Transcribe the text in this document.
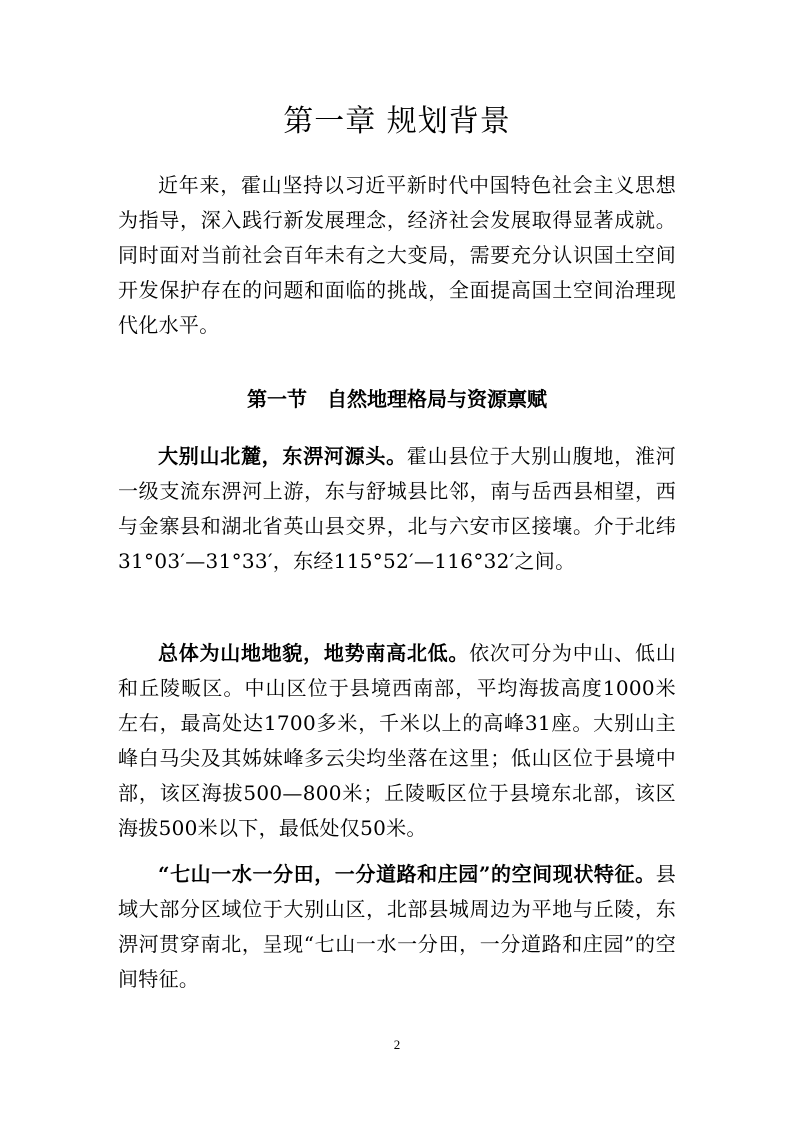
第一章 规划背景

近年来，霍山坚持以习近平新时代中国特色社会主义思想为指导，深入践行新发展理念，经济社会发展取得显著成就。同时面对当前社会百年未有之大变局，需要充分认识国土空间开发保护存在的问题和面临的挑战，全面提高国土空间治理现代化水平。

第一节　自然地理格局与资源禀赋

大别山北麓，东淠河源头。霍山县位于大别山腹地，淮河一级支流东淠河上游，东与舒城县比邻，南与岳西县相望，西与金寨县和湖北省英山县交界，北与六安市区接壤。介于北纬31°03′—31°33′，东经115°52′—116°32′之间。

总体为山地地貌，地势南高北低。依次可分为中山、低山和丘陵畈区。中山区位于县境西南部，平均海拔高度1000米左右，最高处达1700多米，千米以上的高峰31座。大别山主峰白马尖及其姊妹峰多云尖均坐落在这里；低山区位于县境中部，该区海拔500—800米；丘陵畈区位于县境东北部，该区海拔500米以下，最低处仅50米。

“七山一水一分田，一分道路和庄园”的空间现状特征。县域大部分区域位于大别山区，北部县城周边为平地与丘陵，东淠河贯穿南北，呈现“七山一水一分田，一分道路和庄园”的空间特征。

2
